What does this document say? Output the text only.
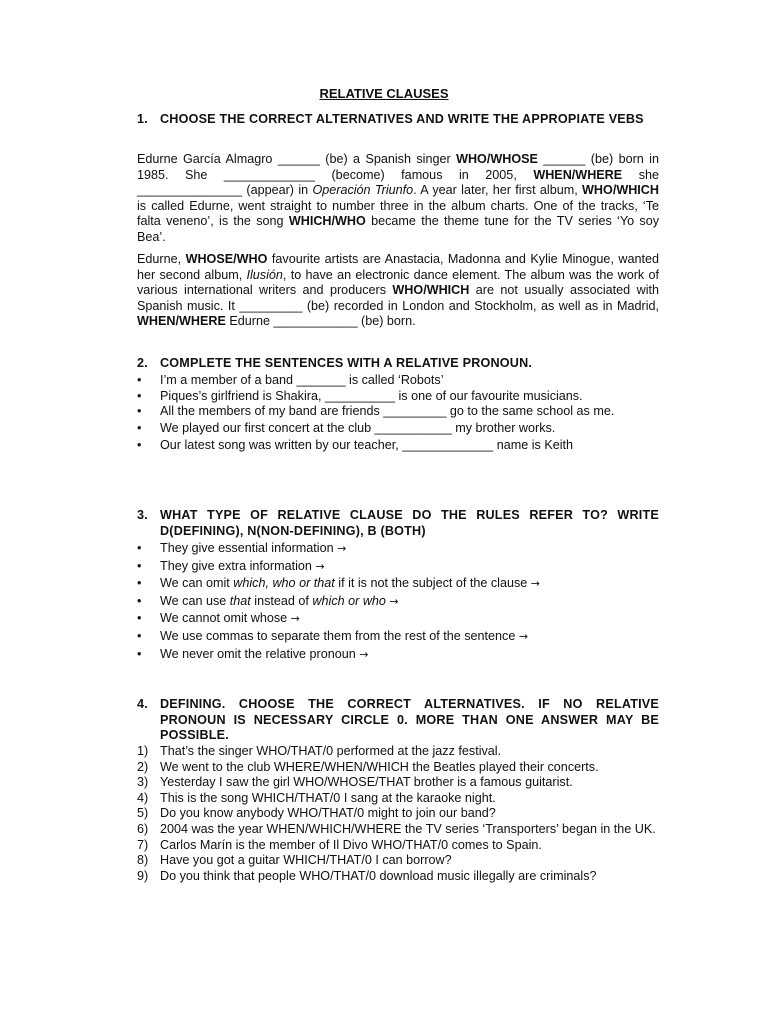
RELATIVE CLAUSES
1. CHOOSE THE CORRECT ALTERNATIVES AND WRITE THE APPROPIATE VEBS
Edurne García Almagro ______ (be) a Spanish singer WHO/WHOSE ______ (be) born in 1985. She _____________ (become) famous in 2005, WHEN/WHERE she _______________ (appear) in Operación Triunfo. A year later, her first album, WHO/WHICH is called Edurne, went straight to number three in the album charts. One of the tracks, ‘Te falta veneno’, is the song WHICH/WHO became the theme tune for the TV series ‘Yo soy Bea’.
Edurne, WHOSE/WHO favourite artists are Anastacia, Madonna and Kylie Minogue, wanted her second album, Ilusión, to have an electronic dance element. The album was the work of various international writers and producers WHO/WHICH are not usually associated with Spanish music. It _________ (be) recorded in London and Stockholm, as well as in Madrid, WHEN/WHERE Edurne ____________ (be) born.
2. COMPLETE THE SENTENCES WITH A RELATIVE PRONOUN.
•	I’m a member of a band _______ is called ‘Robots’
•	Piques’s girlfriend is Shakira, __________ is one of our favourite musicians.
•	All the members of my band are friends _________ go to the same school as me.
•	We played our first concert at the club ___________ my brother works.
•	Our latest song was written by our teacher, _____________ name is Keith
3. WHAT TYPE OF RELATIVE CLAUSE DO THE RULES REFER TO? WRITE D(DEFINING), N(NON-DEFINING), B (BOTH)
•	They give essential information →
•	They give extra information →
•	We can omit which, who or that if it is not the subject of the clause →
•	We can use that instead of which or who →
•	We cannot omit whose →
•	We use commas to separate them from the rest of the sentence →
•	We never omit the relative pronoun →
4. DEFINING. CHOOSE THE CORRECT ALTERNATIVES. IF NO RELATIVE PRONOUN IS NECESSARY CIRCLE 0. MORE THAN ONE ANSWER MAY BE POSSIBLE.
1) That’s the singer WHO/THAT/0 performed at the jazz festival.
2) We went to the club WHERE/WHEN/WHICH the Beatles played their concerts.
3) Yesterday I saw the girl WHO/WHOSE/THAT brother is a famous guitarist.
4) This is the song WHICH/THAT/0 I sang at the karaoke night.
5) Do you know anybody WHO/THAT/0 might to join our band?
6) 2004 was the year WHEN/WHICH/WHERE the TV series ‘Transporters’ began in the UK.
7) Carlos Marín is the member of Il Divo WHO/THAT/0 comes to Spain.
8) Have you got a guitar WHICH/THAT/0 I can borrow?
9) Do you think that people WHO/THAT/0 download music illegally are criminals?
